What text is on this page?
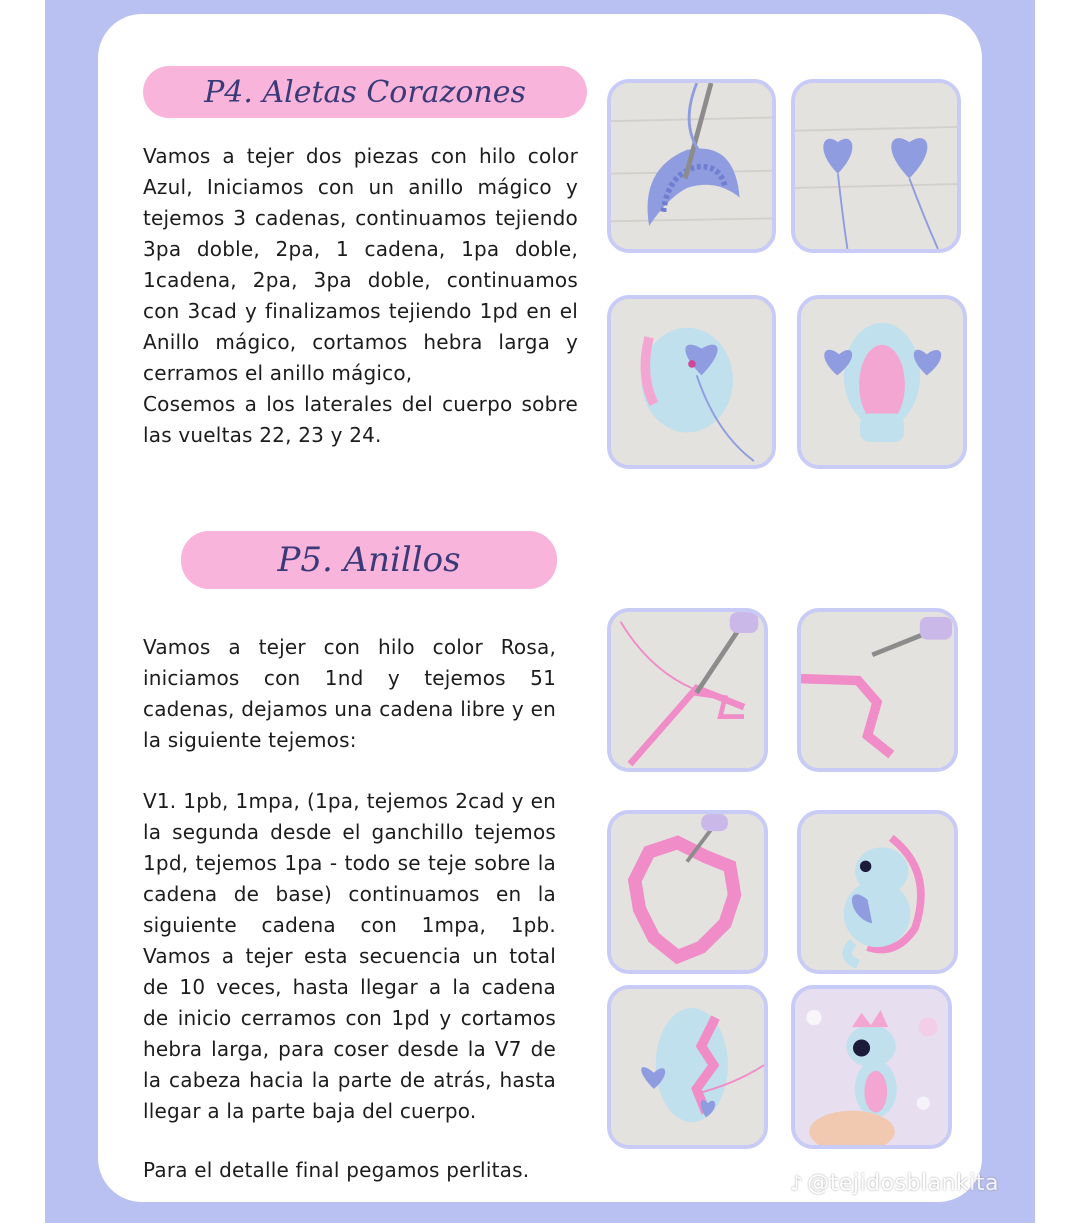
P4. Aletas Corazones

Vamos a tejer dos piezas con hilo color Azul, Iniciamos con un anillo mágico y tejemos 3 cadenas, continuamos tejiendo 3pa doble, 2pa, 1 cadena, 1pa doble, 1cadena, 2pa, 3pa doble, continuamos con 3cad y finalizamos tejiendo 1pd en el Anillo mágico, cortamos hebra larga y cerramos el anillo mágico,

Cosemos a los laterales del cuerpo sobre las vueltas 22, 23 y 24.

P5. Anillos
Vamos a tejer con hilo color Rosa, iniciamos con 1nd y tejemos 51 cadenas, dejamos una cadena libre y en la siguiente tejemos:
V1. 1pb, 1mpa, (1pa, tejemos 2cad y en la segunda desde el ganchillo tejemos 1pd, tejemos 1pa - todo se teje sobre la cadena de base) continuamos en la siguiente cadena con 1mpa, 1pb. Vamos a tejer esta secuencia un total de 10 veces, hasta llegar a la cadena de inicio cerramos con 1pd y cortamos hebra larga, para coser desde la V7 de la cabeza hacia la parte de atrás, hasta llegar a la parte baja del cuerpo.
Para el detalle final pegamos perlitas.
♪ @tejidosblankita
